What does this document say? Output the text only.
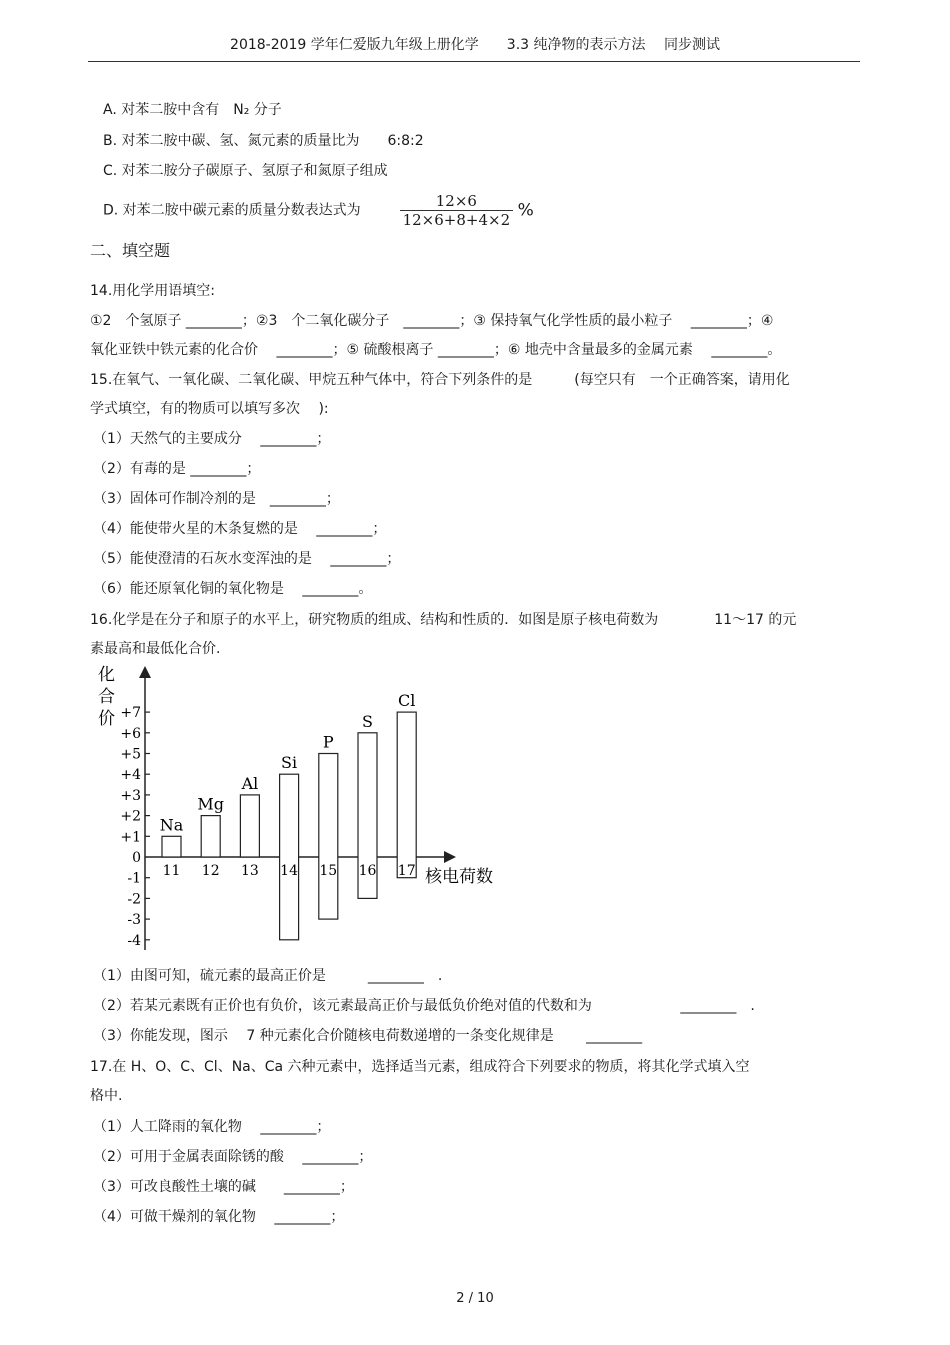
2018-2019 学年仁爱版九年级上册化学　　3.3 纯净物的表示方法　 同步测试
A. 对苯二胺中含有　N₂ 分子
B. 对苯二胺中碳、氢、氮元素的质量比为　　6:8:2
C. 对苯二胺分子碳原子、氢原子和氮原子组成
D. 对苯二胺中碳元素的质量分数表达式为	$\frac{12\times 6}{12\times 6+8+4\times 2}$ %
二、填空题
14.用化学用语填空:
①2　个氢原子 ________；②3　个二氧化碳分子　________；③ 保持氧气化学性质的最小粒子　 ________；④
氧化亚铁中铁元素的化合价　 ________；⑤ 硫酸根离子 ________；⑥ 地壳中含量最多的金属元素　 ________。
15.在氧气、一氧化碳、二氧化碳、甲烷五种气体中，符合下列条件的是　　　(每空只有　一个正确答案，请用化
学式填空，有的物质可以填写多次　 ):
（1）天然气的主要成分　 ________；
（2）有毒的是 ________；
（3）固体可作制冷剂的是　________；
（4）能使带火星的木条复燃的是　 ________；
（5）能使澄清的石灰水变浑浊的是　 ________；
（6）能还原氧化铜的氧化物是　 ________。
16.化学是在分子和原子的水平上，研究物质的组成、结构和性质的．如图是原子核电荷数为　　　　11～17 的元
素最高和最低化合价.
化
合
价 +7
+6
+5
+4
+3
+2
+1
0
-1
-2
-3
-4
Na
11
Mg
12
Al
13
Si
14
P
15
S
16
Cl
17 核电荷数
（1）由图可知，硫元素的最高正价是　　　________　.
（2）若某元素既有正价也有负价，该元素最高正价与最低负价绝对值的代数和为　　　　　　 ________　.
（3）你能发现，图示　 7 种元素化合价随核电荷数递增的一条变化规律是　　 ________
17.在 H、O、C、Cl、Na、Ca 六种元素中，选择适当元素，组成符合下列要求的物质，将其化学式填入空
格中.
（1）人工降雨的氧化物　 ________；
（2）可用于金属表面除锈的酸　 ________；
（3）可改良酸性土壤的碱　　________；
（4）可做干燥剂的氧化物　 ________；
2 / 10
